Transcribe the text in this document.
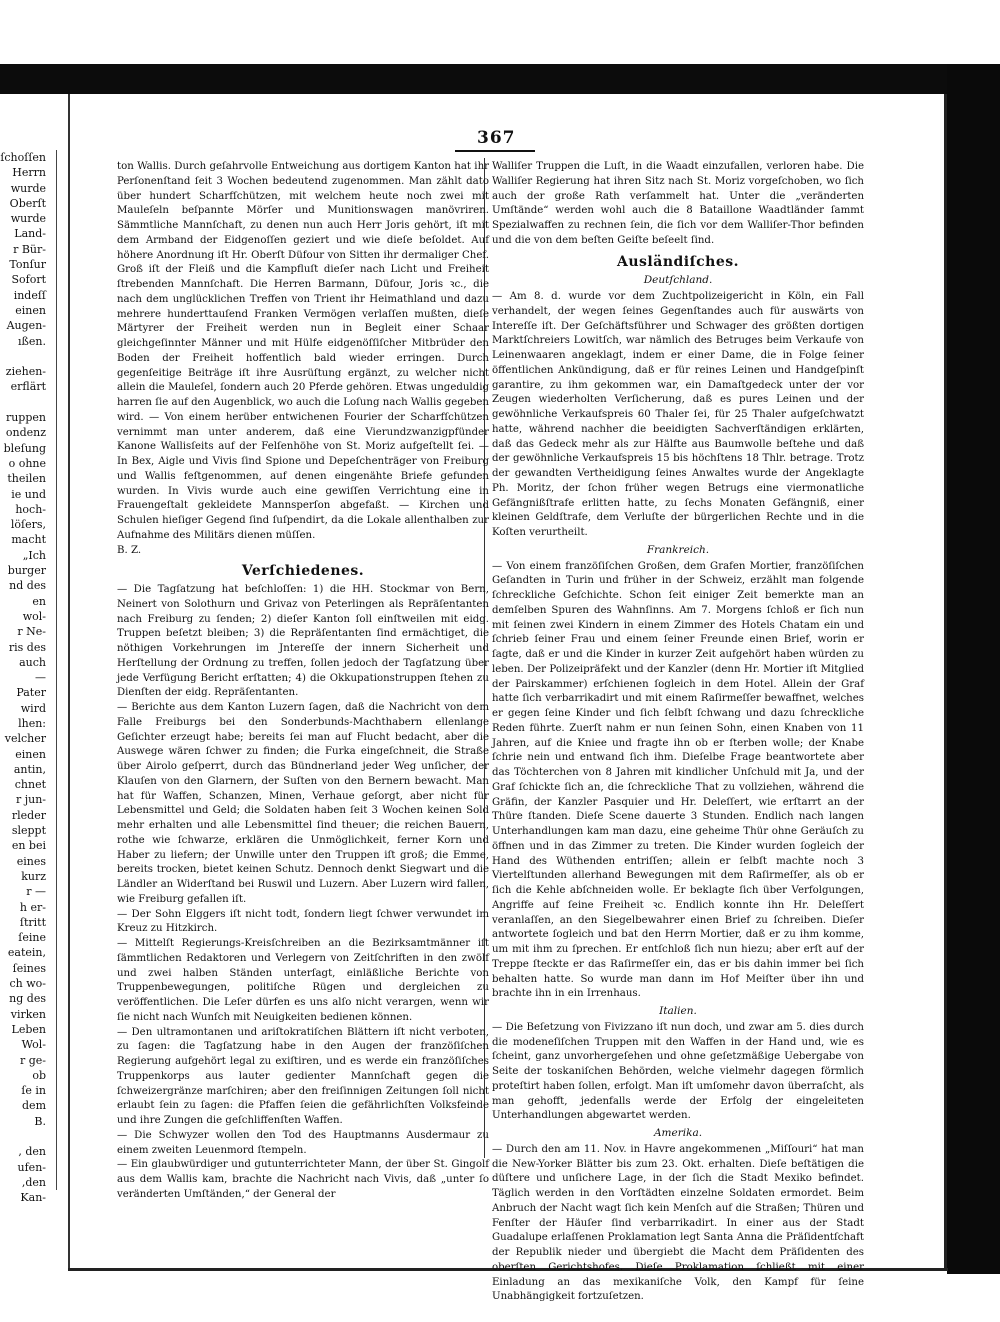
ſchoſſen
Herrn
wurde
Oberſt
wurde
Land-
r Bür-
Tonſur
Sofort
indeſſ
einen
Augen-
ıßen.

ziehen-
erflärt

ruppen
ondenz
bleſung
o ohne
theilen
ie und
hoch-
löſers,
macht
„Ich
burger
nd des
en
wol-
r Ne-
ris des
auch
—
Pater
wird
lhen:
velcher
einen
antin,
chnet
r jun-
rleder
sleppt
en bei
eines
kurz
r —
h er-
ſtritt
ſeine
eatein,
ſeines
ch wo-
ng des
virken
Leben
Wol-
r ge-
ob
ſe in
dem
B.

, den
ufen-
,den
Kan-
367

ton Wallis. Durch geſahrvolle Entweichung aus dortigem Kanton hat ihr Perſonenſtand ſeit 3 Wochen bedeutend zugenommen. Man zählt dato über hundert Scharfſchützen, mit welchem heute noch zwei mit Mauleſeln beſpannte Mörſer und Munitionswagen manövriren. Sämmtliche Mannſchaft, zu denen nun auch Herr Joris gehört, iſt mit dem Armband der Eidgenoſſen geziert und wie dieſe beſoldet. Auf höhere Anordnung iſt Hr. Oberſt Düfour von Sitten ihr dermaliger Chef. Groß iſt der Fleiß und die Kampfluſt dieſer nach Licht und Freiheit ſtrebenden Mannſchaft. Die Herren Barmann, Düfour, Joris ꝛc., die nach dem unglücklichen Treffen von Trient ihr Heimathland und dazu mehrere hunderttauſend Franken Vermögen verlaſſen mußten, dieſe Märtyrer der Freiheit werden nun in Begleit einer Schaar gleichgeſinnter Männer und mit Hülfe eidgenöſſiſcher Mitbrüder den Boden der Freiheit hoffentlich bald wieder erringen. Durch gegenſeitige Beiträge iſt ihre Ausrüſtung ergänzt, zu welcher nicht allein die Mauleſel, ſondern auch 20 Pferde gehören. Etwas ungeduldig harren ſie auf den Augenblick, wo auch die Loſung nach Wallis gegeben wird. — Von einem herüber entwichenen Fourier der Scharfſchützen vernimmt man unter anderem, daß eine Vierundzwanzigpfünder Kanone Wallisſeits auf der Felſenhöhe von St. Moriz aufgeſtellt ſei. — In Bex, Aigle und Vivis ſind Spione und Depeſchenträger von Freiburg und Wallis feſtgenommen, auf denen eingenähte Briefe gefunden wurden. In Vivis wurde auch eine gewiſſen Verrichtung eine in Frauengeſtalt gekleidete Mannsperſon abgefaßt. — Kirchen und Schulen hieſiger Gegend ſind ſuſpendirt, da die Lokale allenthalben zur Aufnahme des Militärs dienen müſſen.

B. Z.

Verſchiedenes.

— Die Tagſatzung hat beſchloſſen: 1) die HH. Stockmar von Bern, Neinert von Solothurn und Grivaz von Peterlingen als Repräſentanten nach Freiburg zu ſenden; 2) dieſer Kanton ſoll einſtweilen mit eidg. Truppen beſetzt bleiben; 3) die Repräſentanten ſind ermächtiget, die nöthigen Vorkehrungen im Jntereſſe der innern Sicherheit und Herſtellung der Ordnung zu treffen, ſollen jedoch der Tagſatzung über jede Verfügung Bericht erſtatten; 4) die Okkupationstruppen ſtehen zu Dienſten der eidg. Repräſentanten.

— Berichte aus dem Kanton Luzern ſagen, daß die Nachricht von dem Falle Freiburgs bei den Sonderbunds-Machthabern ellenlange Geſichter erzeugt habe; bereits ſei man auf Flucht bedacht, aber die Auswege wären ſchwer zu finden; die Furka eingeſchneit, die Straße über Airolo geſperrt, durch das Bündnerland jeder Weg unſicher, der Klauſen von den Glarnern, der Suſten von den Bernern bewacht. Man hat für Waffen, Schanzen, Minen, Verhaue geſorgt, aber nicht für Lebensmittel und Geld; die Soldaten haben ſeit 3 Wochen keinen Sold mehr erhalten und alle Lebensmittel ſind theuer; die reichen Bauern, rothe wie ſchwarze, erklären die Unmöglichkeit, ferner Korn und Haber zu liefern; der Unwille unter den Truppen iſt groß; die Emme, bereits trocken, bietet keinen Schutz. Dennoch denkt Siegwart und die Ländler an Widerſtand bei Ruswil und Luzern. Aber Luzern wird fallen, wie Freiburg gefallen iſt.

— Der Sohn Elggers iſt nicht todt, ſondern liegt ſchwer verwundet im Kreuz zu Hitzkirch.

— Mittelſt Regierungs-Kreisſchreiben an die Bezirksamtmänner iſt ſämmtlichen Redaktoren und Verlegern von Zeitſchriften in den zwölf und zwei halben Ständen unterſagt, einläßliche Berichte von Truppenbewegungen, politiſche Rügen und dergleichen zu veröffentlichen. Die Leſer dürfen es uns alſo nicht verargen, wenn wir ſie nicht nach Wunſch mit Neuigkeiten bedienen können.

— Den ultramontanen und ariſtokratiſchen Blättern iſt nicht verboten, zu ſagen: die Tagſatzung habe in den Augen der franzöſiſchen Regierung aufgehört legal zu exiſtiren, und es werde ein franzöſiſches Truppenkorps aus lauter gedienter Mannſchaft gegen die ſchweizergränze marſchiren; aber den freiſinnigen Zeitungen ſoll nicht erlaubt ſein zu ſagen: die Pfaffen ſeien die gefährlichſten Volksfeinde und ihre Zungen die geſchliffenſten Waffen.

— Die Schwyzer wollen den Tod des Hauptmanns Ausdermaur zu einem zweiten Leuenmord ſtempeln.

— Ein glaubwürdiger und gutunterrichteter Mann, der über St. Gingolf aus dem Wallis kam, brachte die Nachricht nach Vivis, daß „unter ſo veränderten Umſtänden,“ der General der

Walliſer Truppen die Luſt, in die Waadt einzufallen, verloren habe. Die Walliſer Regierung hat ihren Sitz nach St. Moriz vorgeſchoben, wo ſich auch der große Rath verſammelt hat. Unter die „veränderten Umſtände“ werden wohl auch die 8 Bataillone Waadtländer ſammt Spezialwaffen zu rechnen ſein, die ſich vor dem Walliſer-Thor befinden und die von dem beſten Geiſte beſeelt ſind.

Ausländiſches.
Deutſchland.

— Am 8. d. wurde vor dem Zuchtpolizeigericht in Köln, ein Fall verhandelt, der wegen ſeines Gegenſtandes auch für auswärts von Intereſſe iſt. Der Geſchäftsführer und Schwager des größten dortigen Marktſchreiers Lowitſch, war nämlich des Betruges beim Verkaufe von Leinenwaaren angeklagt, indem er einer Dame, die in Folge ſeiner öffentlichen Ankündigung, daß er für reines Leinen und Handgeſpinſt garantire, zu ihm gekommen war, ein Damaſtgedeck unter der vor Zeugen wiederholten Verſicherung, daß es pures Leinen und der gewöhnliche Verkaufspreis 60 Thaler ſei, für 25 Thaler aufgeſchwatzt hatte, während nachher die beeidigten Sachverſtändigen erklärten, daß das Gedeck mehr als zur Hälfte aus Baumwolle beſtehe und daß der gewöhnliche Verkaufspreis 15 bis höchſtens 18 Thlr. betrage. Trotz der gewandten Vertheidigung ſeines Anwaltes wurde der Angeklagte Ph. Moritz, der ſchon früher wegen Betrugs eine viermonatliche Gefängnißſtrafe erlitten hatte, zu ſechs Monaten Gefängniß, einer kleinen Geldſtrafe, dem Verluſte der bürgerlichen Rechte und in die Koſten verurtheilt.

Frankreich.

— Von einem franzöſiſchen Großen, dem Grafen Mortier, franzöſiſchen Geſandten in Turin und früher in der Schweiz, erzählt man folgende ſchreckliche Geſchichte. Schon ſeit einiger Zeit bemerkte man an demſelben Spuren des Wahnſinns. Am 7. Morgens ſchloß er ſich nun mit ſeinen zwei Kindern in einem Zimmer des Hotels Chatam ein und ſchrieb ſeiner Frau und einem ſeiner Freunde einen Brief, worin er ſagte, daß er und die Kinder in kurzer Zeit aufgehört haben würden zu leben. Der Polizeipräfekt und der Kanzler (denn Hr. Mortier iſt Mitglied der Pairskammer) erſchienen ſogleich in dem Hotel. Allein der Graf hatte ſich verbarrikadirt und mit einem Raſirmeſſer bewaffnet, welches er gegen ſeine Kinder und ſich ſelbſt ſchwang und dazu ſchreckliche Reden führte. Zuerſt nahm er nun ſeinen Sohn, einen Knaben von 11 Jahren, auf die Kniee und fragte ihn ob er ſterben wolle; der Knabe ſchrie nein und entwand ſich ihm. Dieſelbe Frage beantwortete aber das Töchterchen von 8 Jahren mit kindlicher Unſchuld mit Ja, und der Graf ſchickte ſich an, die ſchreckliche That zu vollziehen, während die Gräfin, der Kanzler Pasquier und Hr. Deleſſert, wie erſtarrt an der Thüre ſtanden. Dieſe Scene dauerte 3 Stunden. Endlich nach langen Unterhandlungen kam man dazu, eine geheime Thür ohne Geräuſch zu öffnen und in das Zimmer zu treten. Die Kinder wurden ſogleich der Hand des Wüthenden entriſſen; allein er ſelbſt machte noch 3 Viertelſtunden allerhand Bewegungen mit dem Raſirmeſſer, als ob er ſich die Kehle abſchneiden wolle. Er beklagte ſich über Verfolgungen, Angriffe auf ſeine Freiheit ꝛc. Endlich konnte ihn Hr. Deleſſert veranlaſſen, an den Siegelbewahrer einen Brief zu ſchreiben. Dieſer antwortete ſogleich und bat den Herrn Mortier, daß er zu ihm komme, um mit ihm zu ſprechen. Er entſchloß ſich nun hiezu; aber erſt auf der Treppe ſteckte er das Raſirmeſſer ein, das er bis dahin immer bei ſich behalten hatte. So wurde man dann im Hof Meiſter über ihn und brachte ihn in ein Irrenhaus.

Italien.

— Die Beſetzung von Fivizzano iſt nun doch, und zwar am 5. dies durch die modeneſiſchen Truppen mit den Waffen in der Hand und, wie es ſcheint, ganz unvorhergeſehen und ohne geſetzmäßige Uebergabe von Seite der toskaniſchen Behörden, welche vielmehr dagegen förmlich proteſtirt haben ſollen, erfolgt. Man iſt umſomehr davon überraſcht, als man gehofft, jedenfalls werde der Erfolg der eingeleiteten Unterhandlungen abgewartet werden.

Amerika.

— Durch den am 11. Nov. in Havre angekommenen „Miſſouri“ hat man die New-Yorker Blätter bis zum 23. Okt. erhalten. Dieſe beſtätigen die düſtere und unſichere Lage, in der ſich die Stadt Mexiko befindet. Täglich werden in den Vorſtädten einzelne Soldaten ermordet. Beim Anbruch der Nacht wagt ſich kein Menſch auf die Straßen; Thüren und Fenſter der Häuſer ſind verbarrikadirt. In einer aus der Stadt Guadalupe erlaſſenen Proklamation legt Santa Anna die Präſidentſchaft der Republik nieder und übergiebt die Macht dem Präſidenten des oberſten Gerichtshofes. Dieſe Proklamation ſchließt mit einer Einladung an das mexikaniſche Volk, den Kampf für ſeine Unabhängigkeit fortzuſetzen.
